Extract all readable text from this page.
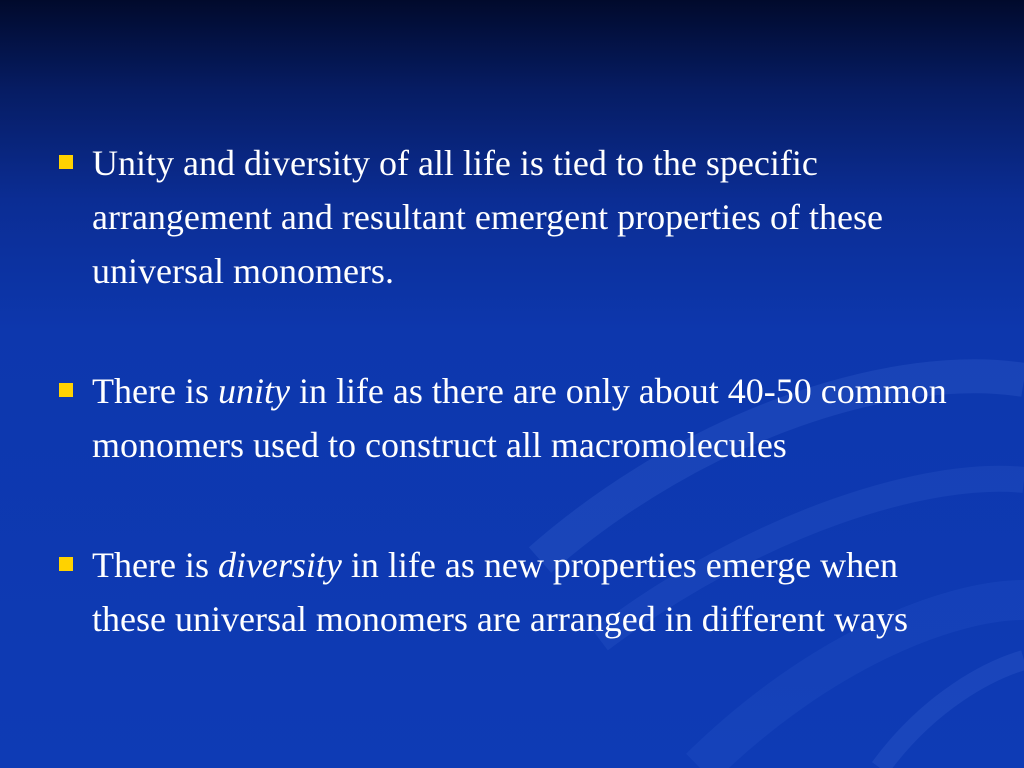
Unity and diversity of all life is tied to the specific arrangement and resultant emergent properties of these universal monomers.
There is unity in life as there are only about 40-50 common monomers used to construct all macromolecules
There is diversity in life as new properties emerge when these universal monomers are arranged in different ways
